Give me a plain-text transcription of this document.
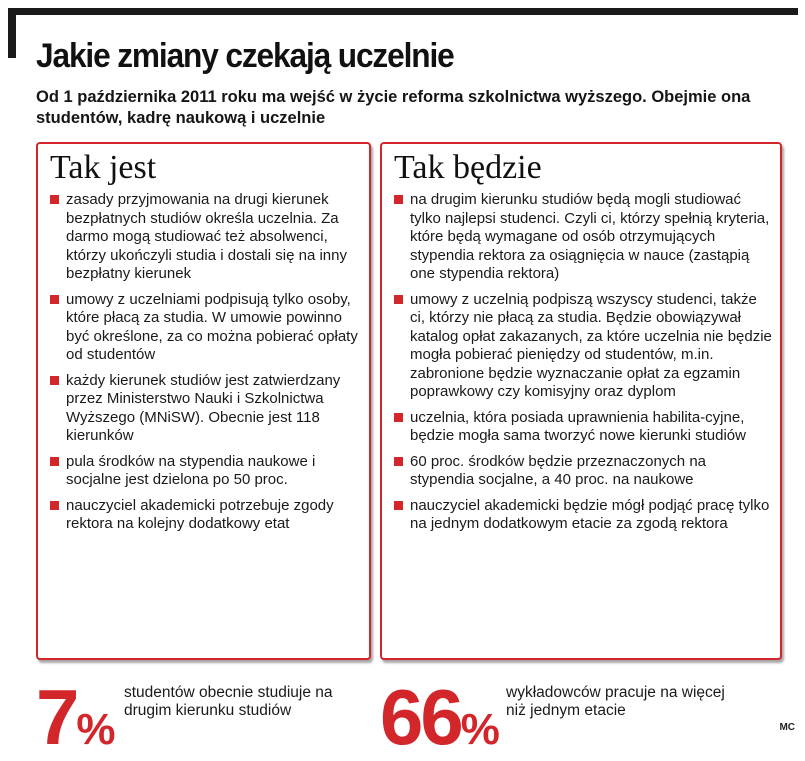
Jakie zmiany czekają uczelnie

Od 1 października 2011 roku ma wejść w życie reforma szkolnictwa wyższego. Obejmie ona studentów, kadrę naukową i uczelnie

Tak jest
zasady przyjmowania na drugi kierunek bezpłatnych studiów określa uczelnia. Za darmo mogą studiować też absolwenci, którzy ukończyli studia i dostali się na inny bezpłatny kierunek
umowy z uczelniami podpisują tylko osoby, które płacą za studia. W umowie powinno być określone, za co można pobierać opłaty od studentów
każdy kierunek studiów jest zatwierdzany przez Ministerstwo Nauki i Szkolnictwa Wyższego (MNiSW). Obecnie jest 118 kierunków
pula środków na stypendia naukowe i socjalne jest dzielona po 50 proc.
nauczyciel akademicki potrzebuje zgody rektora na kolejny dodatkowy etat
Tak będzie
na drugim kierunku studiów będą mogli studiować tylko najlepsi studenci. Czyli ci, którzy spełnią kryteria, które będą wymagane od osób otrzymujących stypendia rektora za osiągnięcia w nauce (zastąpią one stypendia rektora)
umowy z uczelnią podpiszą wszyscy studenci, także ci, którzy nie płacą za studia. Będzie obowiązywał katalog opłat zakazanych, za które uczelnia nie będzie mogła pobierać pieniędzy od studentów, m.in. zabronione będzie wyznaczanie opłat za egzamin poprawkowy czy komisyjny oraz dyplom
uczelnia, która posiada uprawnienia habilita-cyjne, będzie mogła sama tworzyć nowe kierunki studiów
60 proc. środków będzie przeznaczonych na stypendia socjalne, a 40 proc. na naukowe
nauczyciel akademicki będzie mógł podjąć pracę tylko na jednym dodatkowym etacie za zgodą rektora
7%
studentów obecnie studiuje na drugim kierunku studiów	66%
wykładowców pracuje na więcej niż jednym etacie
MC
